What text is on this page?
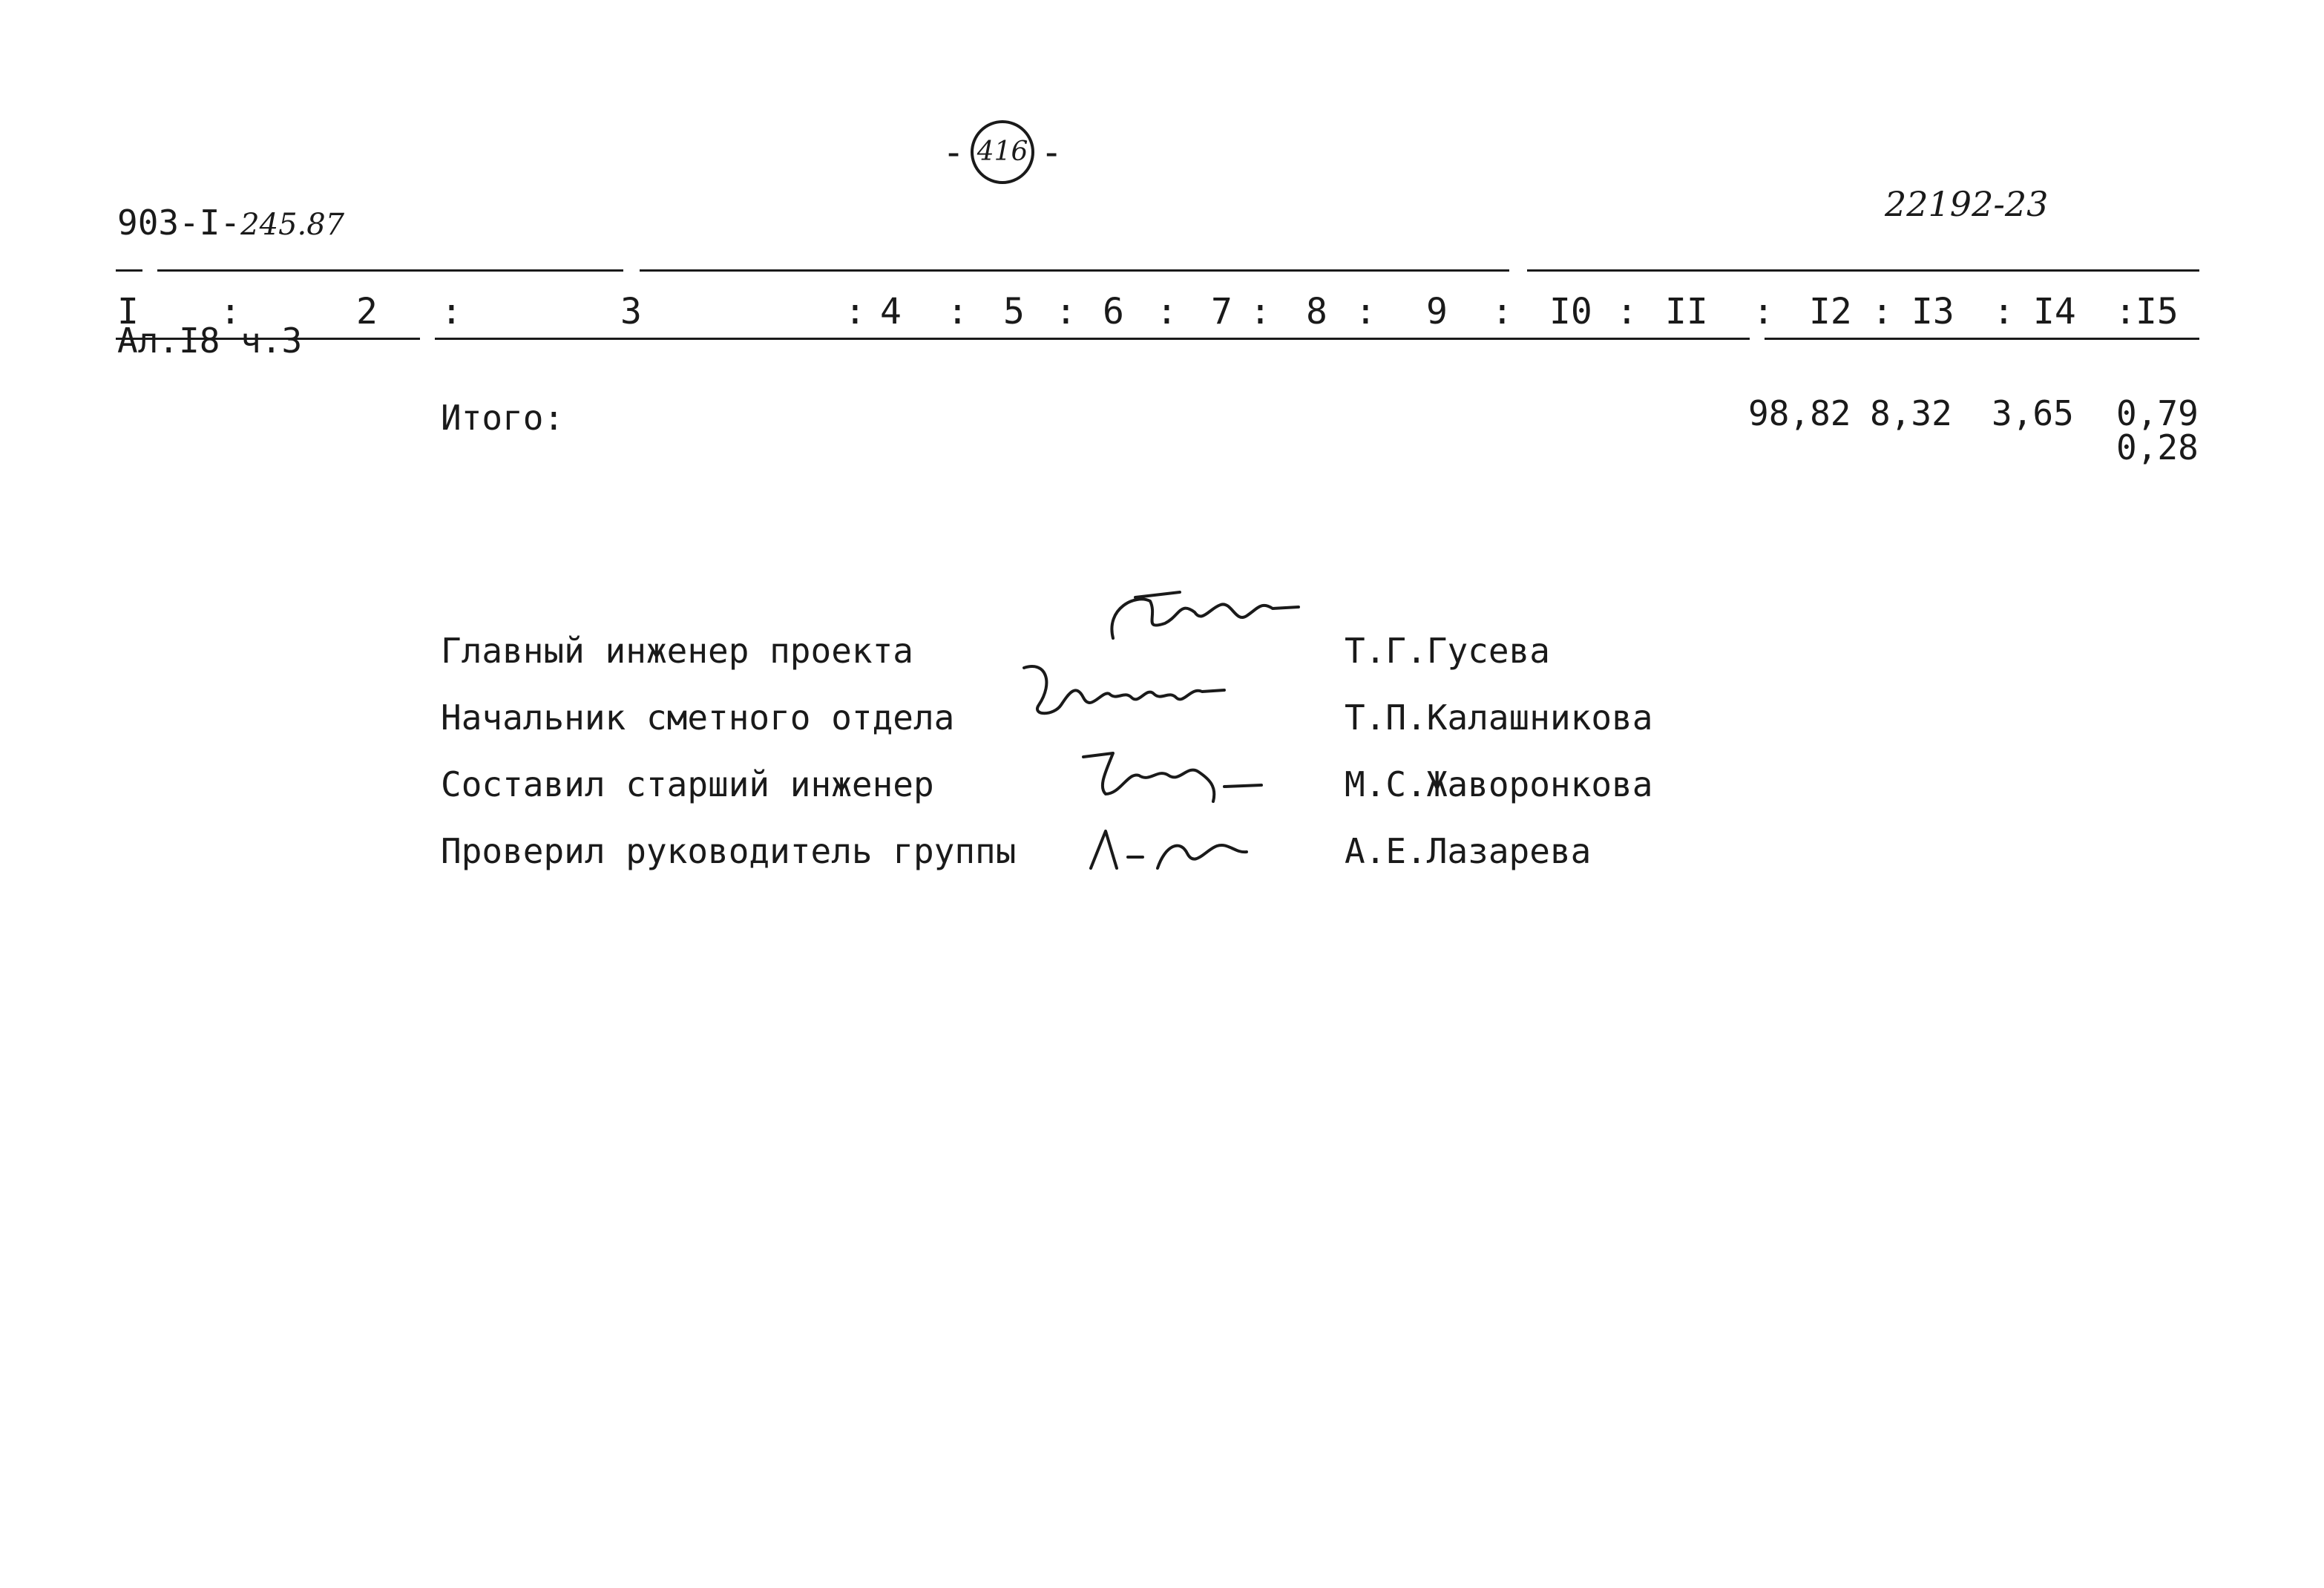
903-I-245.87

Ал.I8 ч.3

- 416 -
22192-23
I :	2 :	3	: 4 : 5 : 6 : 7 : 8 : 9 : I0 : II : I2 : I3 : I4 : I5
Итого:	98,82 8,32 3,65 0,79
0,28
Главный инженер проекта	Т.Г.Гусева
Начальник сметного отдела	Т.П.Калашникова
Составил старший инженер	М.С.Жаворонкова
Проверил руководитель группы	А.Е.Лазарева
